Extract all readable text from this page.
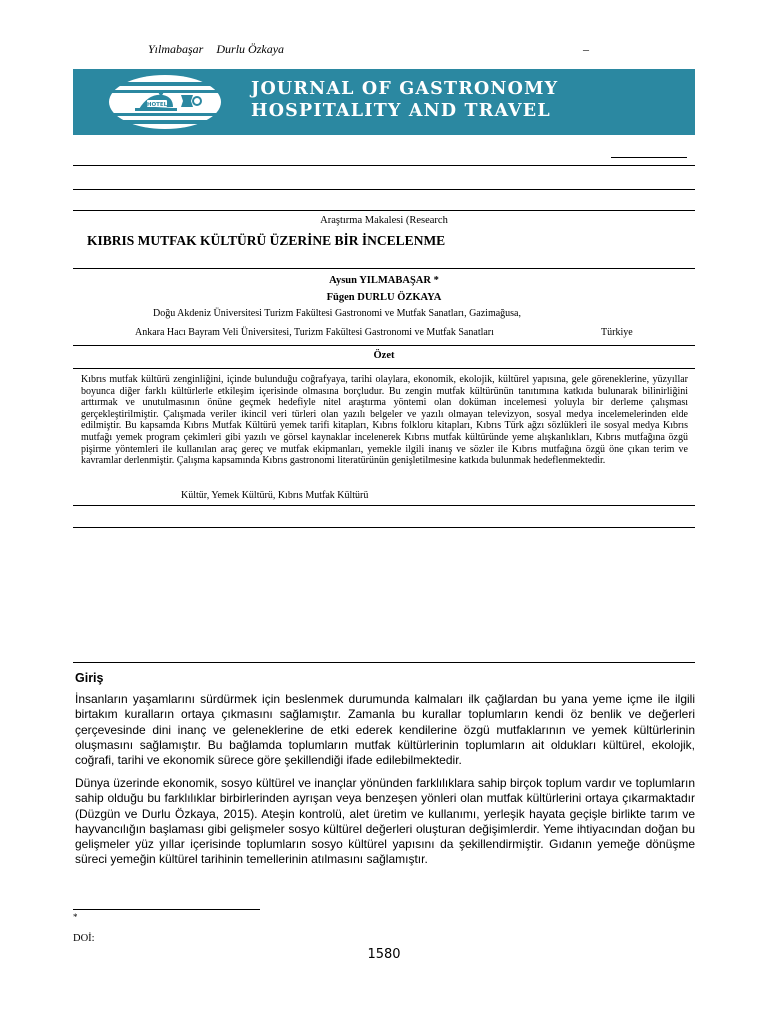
Yılmabaşar Durlu Özkaya	–
HOTEL
JOURNAL OF GASTRONOMY
HOSPITALITY AND TRAVEL
Araştırma Makalesi (Research
KIBRIS MUTFAK KÜLTÜRÜ ÜZERİNE BİR İNCELENME
Aysun YILMABAŞAR *
Fügen DURLU ÖZKAYA
Doğu Akdeniz Üniversitesi Turizm Fakültesi Gastronomi ve Mutfak Sanatları, Gazimağusa,
Ankara Hacı Bayram Veli Üniversitesi, Turizm Fakültesi Gastronomi ve Mutfak Sanatları	Türkiye
Özet
Kıbrıs mutfak kültürü zenginliğini, içinde bulunduğu coğrafyaya, tarihi olaylara, ekonomik, ekolojik, kültürel yapısına, gele göreneklerine, yüzyıllar boyunca diğer farklı kültürlerle etkileşim içerisinde olmasına borçludur. Bu zengin mutfak kültürünün tanıtımına katkıda bulunarak bilinirliğini arttırmak ve unutulmasının önüne geçmek hedefiyle nitel araştırma yöntemi olan doküman incelemesi yoluyla bir derleme çalışması gerçekleştirilmiştir. Çalışmada veriler ikincil veri türleri olan yazılı belgeler ve yazılı olmayan televizyon, sosyal medya incelemelerinden elde edilmiştir. Bu kapsamda Kıbrıs Mutfak Kültürü yemek tarifi kitapları, Kıbrıs folkloru kitapları, Kıbrıs Türk ağzı sözlükleri ile sosyal medya Kıbrıs mutfağı yemek program çekimleri gibi yazılı ve görsel kaynaklar incelenerek Kıbrıs mutfak kültüründe yeme alışkanlıkları, Kıbrıs mutfağına özgü pişirme yöntemleri ile kullanılan araç gereç ve mutfak ekipmanları, yemekle ilgili inanış ve sözler ile Kıbrıs mutfağına özgü öne çıkan terim ve kavramlar derlenmiştir. Çalışma kapsamında Kıbrıs gastronomi literatürünün genişletilmesine katkıda bulunmak hedeflenmektedir.
Kültür, Yemek Kültürü, Kıbrıs Mutfak Kültürü
Giriş

İnsanların yaşamlarını sürdürmek için beslenmek durumunda kalmaları ilk çağlardan bu yana yeme içme ile ilgili birtakım kuralların ortaya çıkmasını sağlamıştır. Zamanla bu kurallar toplumların kendi öz benlik ve değerleri çerçevesinde dini inanç ve geleneklerine de etki ederek kendilerine özgü mutfaklarının ve yemek kültürlerinin oluşmasını sağlamıştır. Bu bağlamda toplumların mutfak kültürlerinin toplumların ait oldukları kültürel, ekolojik, coğrafi, tarihi ve ekonomik sürece göre şekillendiği ifade edilebilmektedir.

Dünya üzerinde ekonomik, sosyo kültürel ve inançlar yönünden farklılıklara sahip birçok toplum vardır ve toplumların sahip olduğu bu farklılıklar birbirlerinden ayrışan veya benzeşen yönleri olan mutfak kültürlerini ortaya çıkarmaktadır (Düzgün ve Durlu Özkaya, 2015). Ateşin kontrolü, alet üretim ve kullanımı, yerleşik hayata geçişle birlikte tarım ve hayvancılığın başlaması gibi gelişmeler sosyo kültürel değerleri oluşturan değişimlerdir. Yeme ihtiyacından doğan bu gelişmeler yüz yıllar içerisinde toplumların sosyo kültürel yapısını da şekillendirmiştir. Gıdanın yemeğe dönüşme süreci yemeğin kültürel tarihinin temellerinin atılmasını sağlamıştır.

*
DOİ:
1580
